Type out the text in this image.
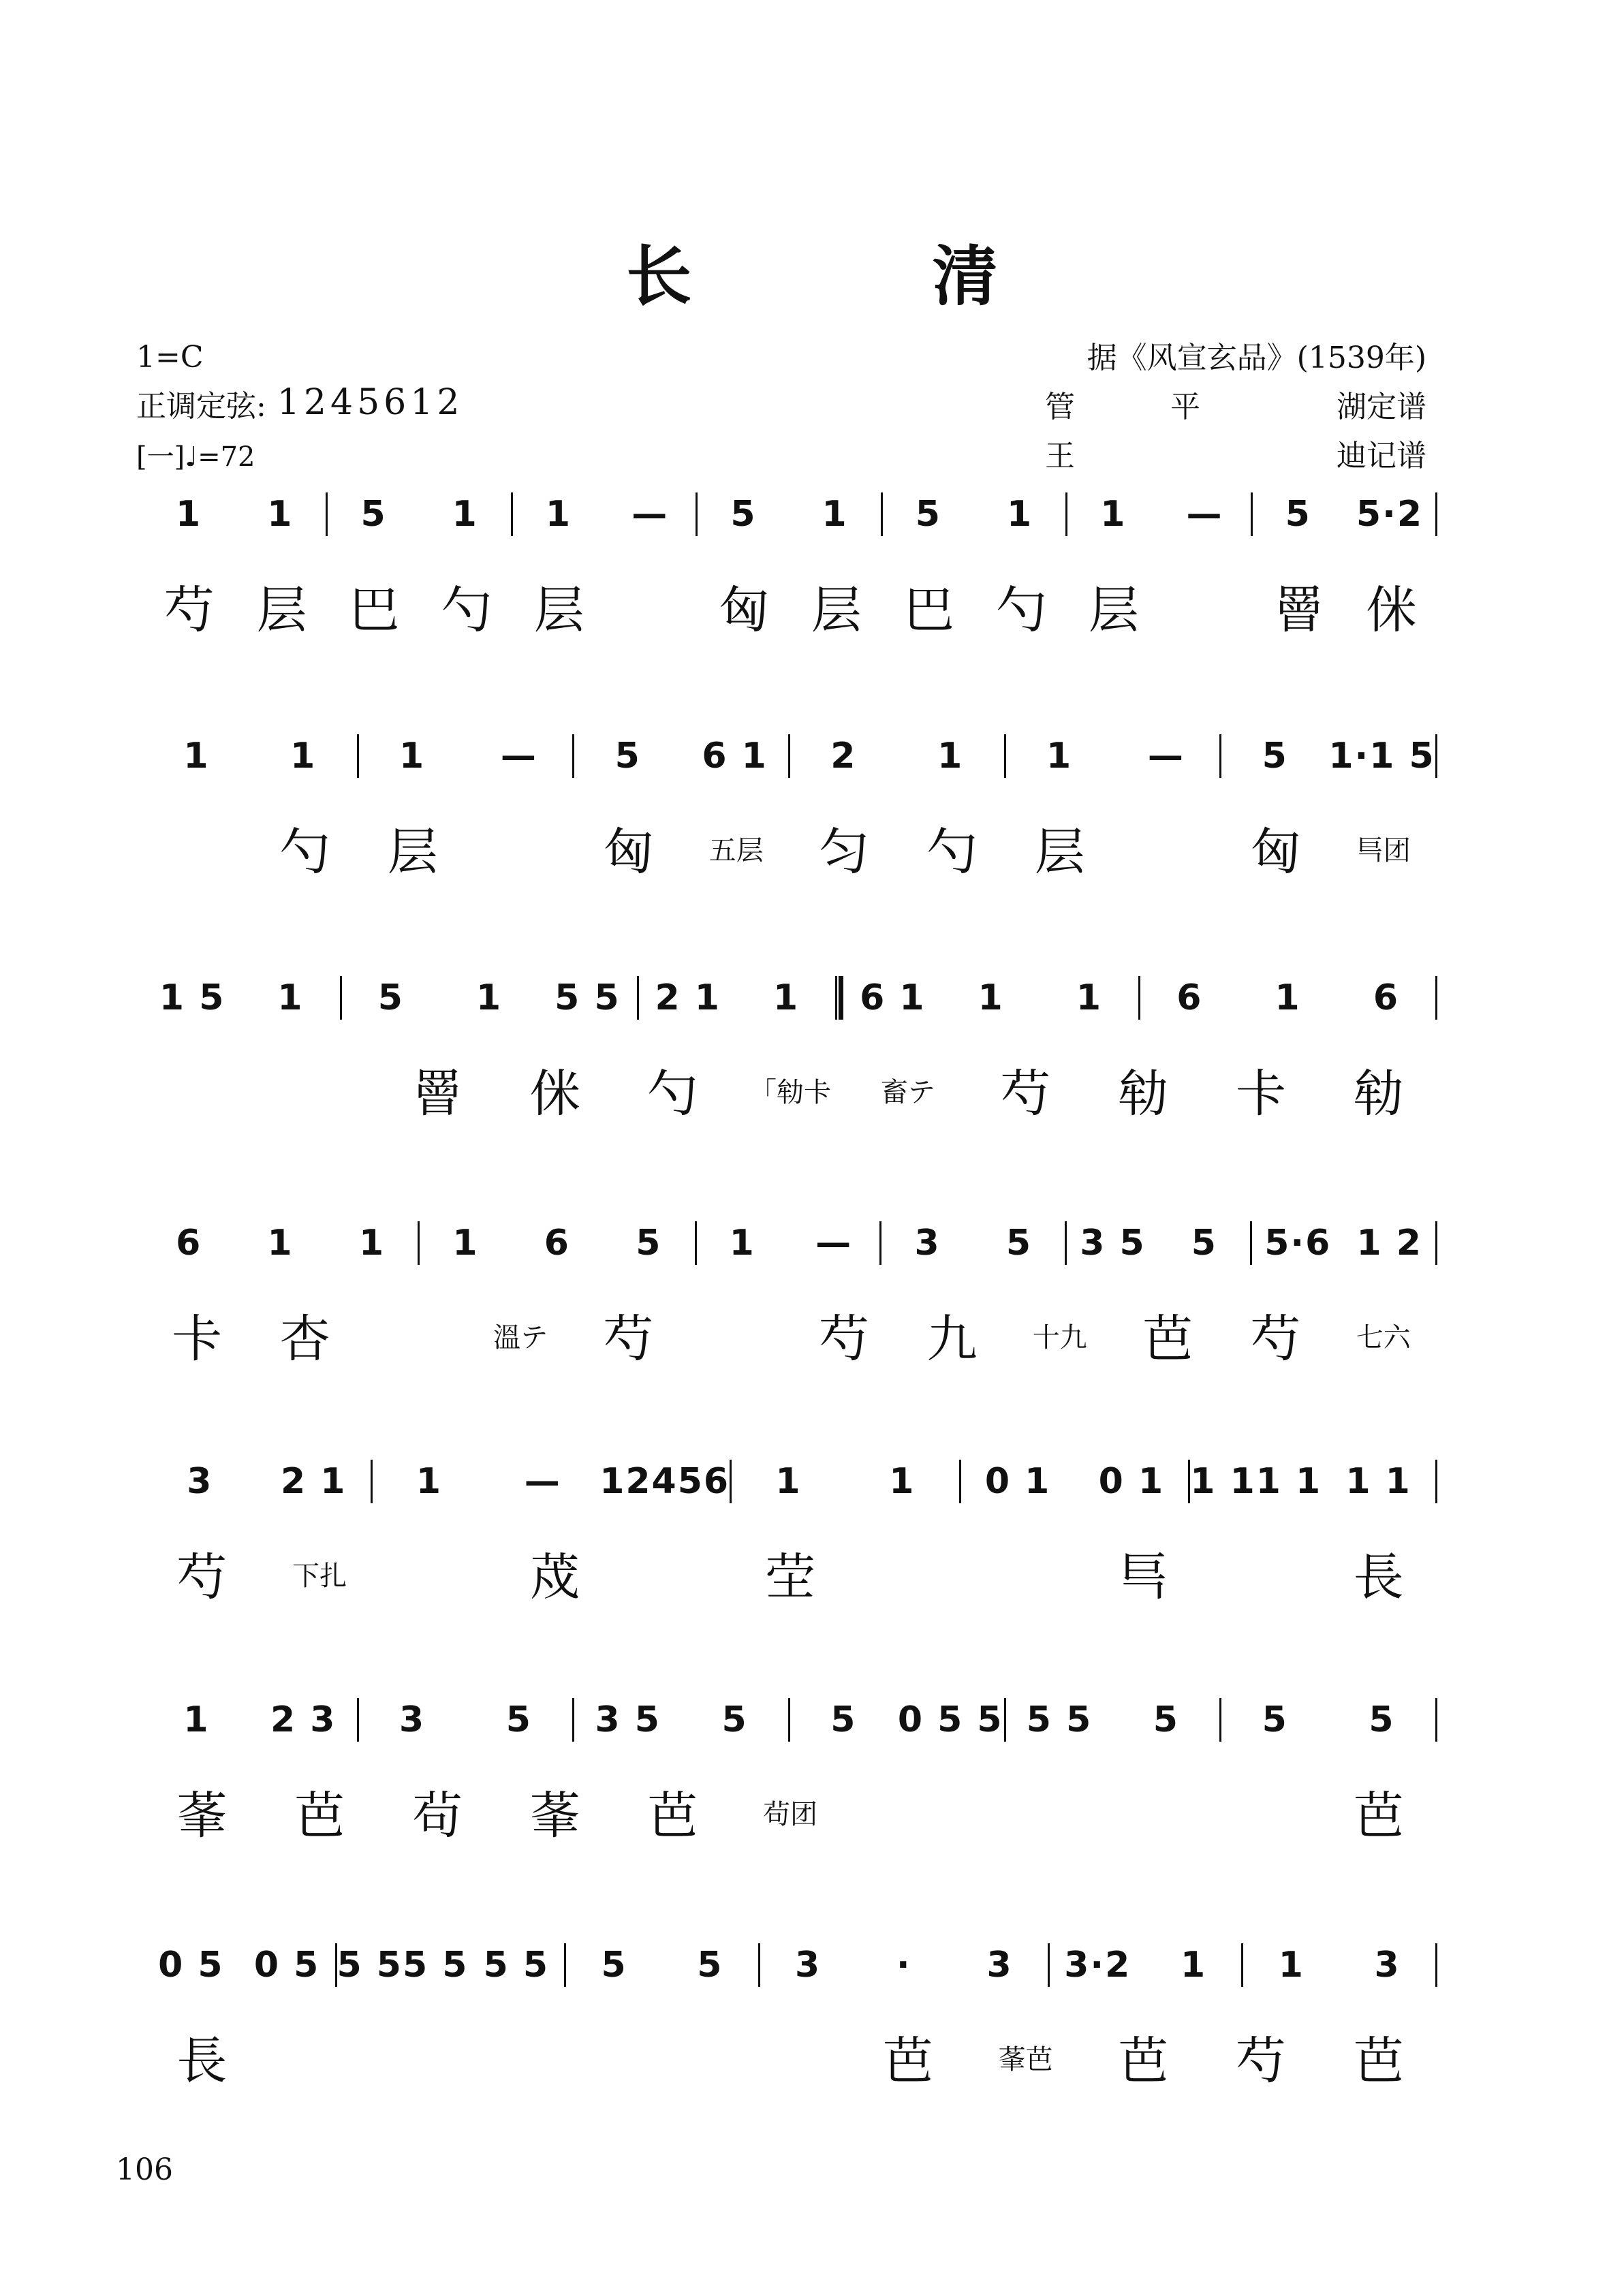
长 清
1=C
正调定弦: 1245612
[一] ♩=72
据《风宣玄品》(1539年)
管	平	湖定谱
王	迪记谱
1	1	5	1	1	—	5	1	5	1	1	—	5	5·2
芍 层 巴 勺 层	匈 层 巴 勺 层	罾 侎
1	1	1	—	5	6 1	2	1	1	—	5	1·1 5
勺	层	匈	五层	匀	勺	层	匈	巪团
1 5	1	5	1	5 5 2 1	1	6 1	1	1	6	1	6
罾	侎	勺	「劺卡	畜テ	芍	劺	卡	劺
6	1	1	1	6	5	1	—	3	5	3 5	5	5·6 1 2
卡	杏	溫テ	芍	芍	九	十九	芭	芍	七六
3	2 1	1	—	12456	1	1	0 1	0 1 1 11 1 1 1
芍	下扎	荗	茔	巪	長
1	2 3	3	5	3 5	5	5	0 5 5 5 5	5	5	5
莑	芭	茍	莑	芭	茍团	芭
0 5 0 5 5 55 5 5 5	5	5	3	·	3	3·2	1	1	3
長	芭	莑芭	芭	芍	芭
106
